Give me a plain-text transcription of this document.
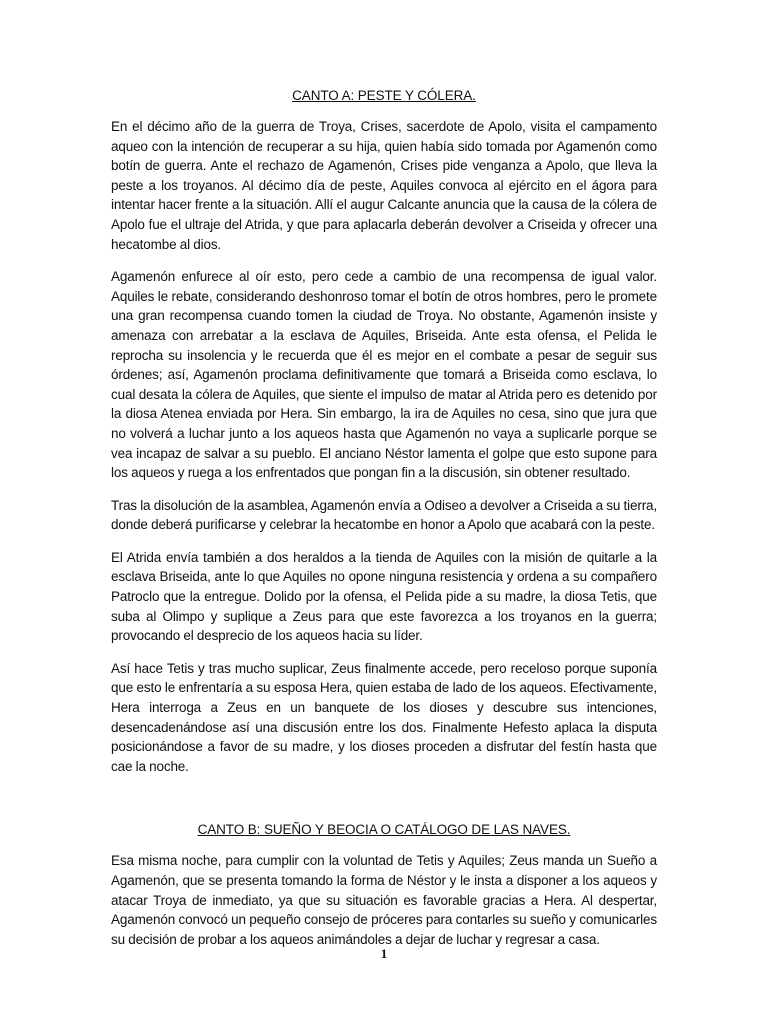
CANTO A: PESTE Y CÓLERA.

En el décimo año de la guerra de Troya, Crises, sacerdote de Apolo, visita el campamento aqueo con la intención de recuperar a su hija, quien había sido tomada por Agamenón como botín de guerra. Ante el rechazo de Agamenón, Crises pide venganza a Apolo, que lleva la peste a los troyanos. Al décimo día de peste, Aquiles convoca al ejército en el ágora para intentar hacer frente a la situación. Allí el augur Calcante anuncia que la causa de la cólera de Apolo fue el ultraje del Atrida, y que para aplacarla deberán devolver a Criseida y ofrecer una hecatombe al dios.

Agamenón enfurece al oír esto, pero cede a cambio de una recompensa de igual valor. Aquiles le rebate, considerando deshonroso tomar el botín de otros hombres, pero le promete una gran recompensa cuando tomen la ciudad de Troya. No obstante, Agamenón insiste y amenaza con arrebatar a la esclava de Aquiles, Briseida. Ante esta ofensa, el Pelida le reprocha su insolencia y le recuerda que él es mejor en el combate a pesar de seguir sus órdenes; así, Agamenón proclama definitivamente que tomará a Briseida como esclava, lo cual desata la cólera de Aquiles, que siente el impulso de matar al Atrida pero es detenido por la diosa Atenea enviada por Hera. Sin embargo, la ira de Aquiles no cesa, sino que jura que no volverá a luchar junto a los aqueos hasta que Agamenón no vaya a suplicarle porque se vea incapaz de salvar a su pueblo. El anciano Néstor lamenta el golpe que esto supone para los aqueos y ruega a los enfrentados que pongan fin a la discusión, sin obtener resultado.

Tras la disolución de la asamblea, Agamenón envía a Odiseo a devolver a Criseida a su tierra, donde deberá purificarse y celebrar la hecatombe en honor a Apolo que acabará con la peste.

El Atrida envía también a dos heraldos a la tienda de Aquiles con la misión de quitarle a la esclava Briseida, ante lo que Aquiles no opone ninguna resistencia y ordena a su compañero Patroclo que la entregue. Dolido por la ofensa, el Pelida pide a su madre, la diosa Tetis, que suba al Olimpo y suplique a Zeus para que este favorezca a los troyanos en la guerra; provocando el desprecio de los aqueos hacia su líder.

Así hace Tetis y tras mucho suplicar, Zeus finalmente accede, pero receloso porque suponía que esto le enfrentaría a su esposa Hera, quien estaba de lado de los aqueos. Efectivamente, Hera interroga a Zeus en un banquete de los dioses y descubre sus intenciones, desencadenándose así una discusión entre los dos. Finalmente Hefesto aplaca la disputa posicionándose a favor de su madre, y los dioses proceden a disfrutar del festín hasta que cae la noche.

CANTO B: SUEÑO Y BEOCIA O CATÁLOGO DE LAS NAVES.

Esa misma noche, para cumplir con la voluntad de Tetis y Aquiles; Zeus manda un Sueño a Agamenón, que se presenta tomando la forma de Néstor y le insta a disponer a los aqueos y atacar Troya de inmediato, ya que su situación es favorable gracias a Hera. Al despertar, Agamenón convocó un pequeño consejo de próceres para contarles su sueño y comunicarles su decisión de probar a los aqueos animándoles a dejar de luchar y regresar a casa.

1
